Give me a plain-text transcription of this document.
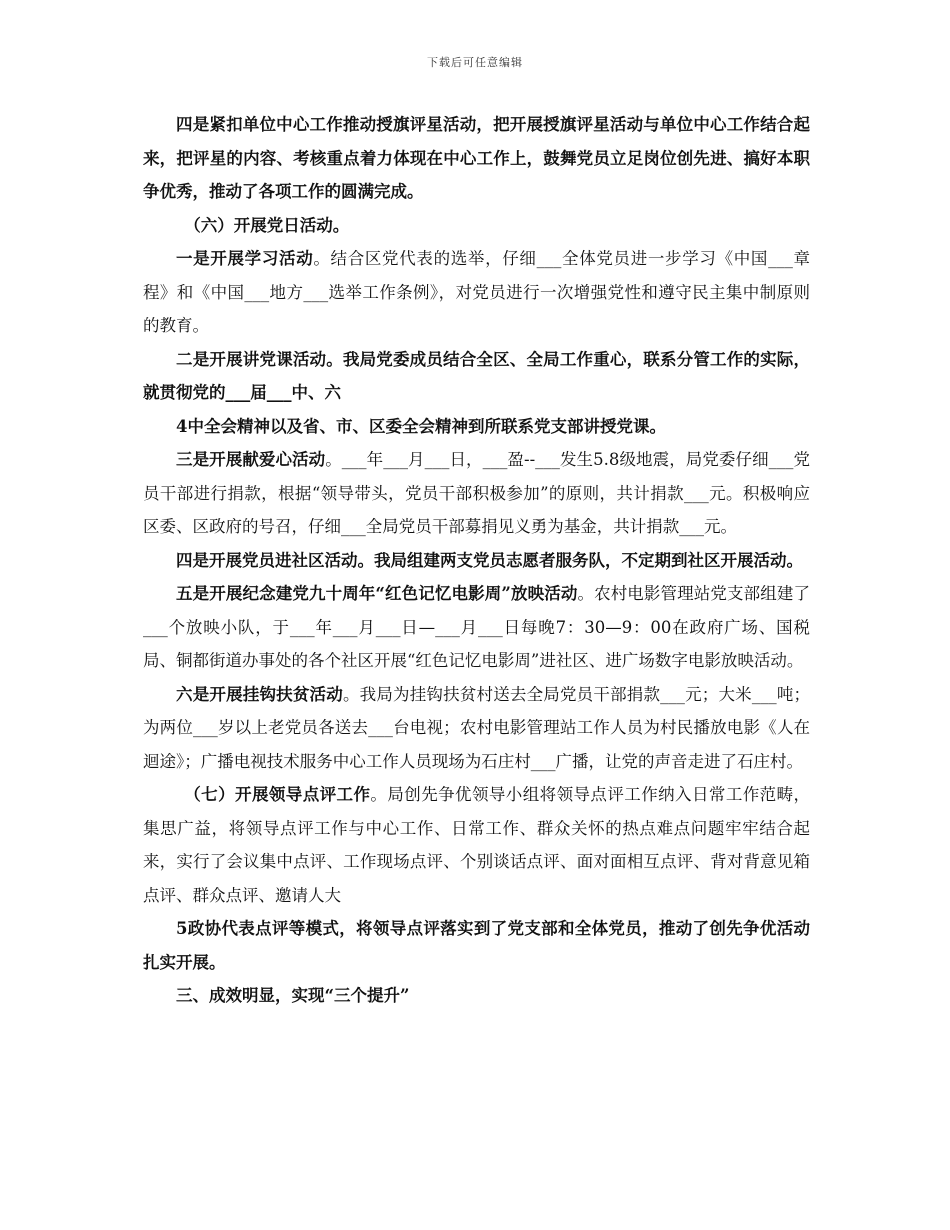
下载后可任意编辑

四是紧扣单位中心工作推动授旗评星活动，把开展授旗评星活动与单位中心工作结合起来，把评星的内容、考核重点着力体现在中心工作上，鼓舞党员立足岗位创先进、搞好本职争优秀，推动了各项工作的圆满完成。

（六）开展党日活动。

一是开展学习活动。结合区党代表的选举，仔细___全体党员进一步学习《中国___章程》和《中国___地方___选举工作条例》，对党员进行一次增强党性和遵守民主集中制原则的教育。

二是开展讲党课活动。我局党委成员结合全区、全局工作重心，联系分管工作的实际，就贯彻党的___届___中、六

4中全会精神以及省、市、区委全会精神到所联系党支部讲授党课。

三是开展献爱心活动。___年___月___日，___盈--___发生5.8级地震，局党委仔细___党员干部进行捐款，根据“领导带头，党员干部积极参加”的原则，共计捐款___元。积极响应区委、区政府的号召，仔细___全局党员干部募捐见义勇为基金，共计捐款___元。

四是开展党员进社区活动。我局组建两支党员志愿者服务队，不定期到社区开展活动。

五是开展纪念建党九十周年“红色记忆电影周”放映活动。农村电影管理站党支部组建了___个放映小队，于___年___月___日—___月___日每晚7：30—9：00在政府广场、国税局、铜都街道办事处的各个社区开展“红色记忆电影周”进社区、进广场数字电影放映活动。

六是开展挂钩扶贫活动。我局为挂钩扶贫村送去全局党员干部捐款___元；大米___吨；为两位___岁以上老党员各送去___台电视；农村电影管理站工作人员为村民播放电影《人在迴途》；广播电视技术服务中心工作人员现场为石庄村___广播，让党的声音走进了石庄村。

（七）开展领导点评工作。局创先争优领导小组将领导点评工作纳入日常工作范畴，集思广益，将领导点评工作与中心工作、日常工作、群众关怀的热点难点问题牢牢结合起来，实行了会议集中点评、工作现场点评、个别谈话点评、面对面相互点评、背对背意见箱点评、群众点评、邀请人大

5政协代表点评等模式，将领导点评落实到了党支部和全体党员，推动了创先争优活动扎实开展。

三、成效明显，实现“三个提升”
